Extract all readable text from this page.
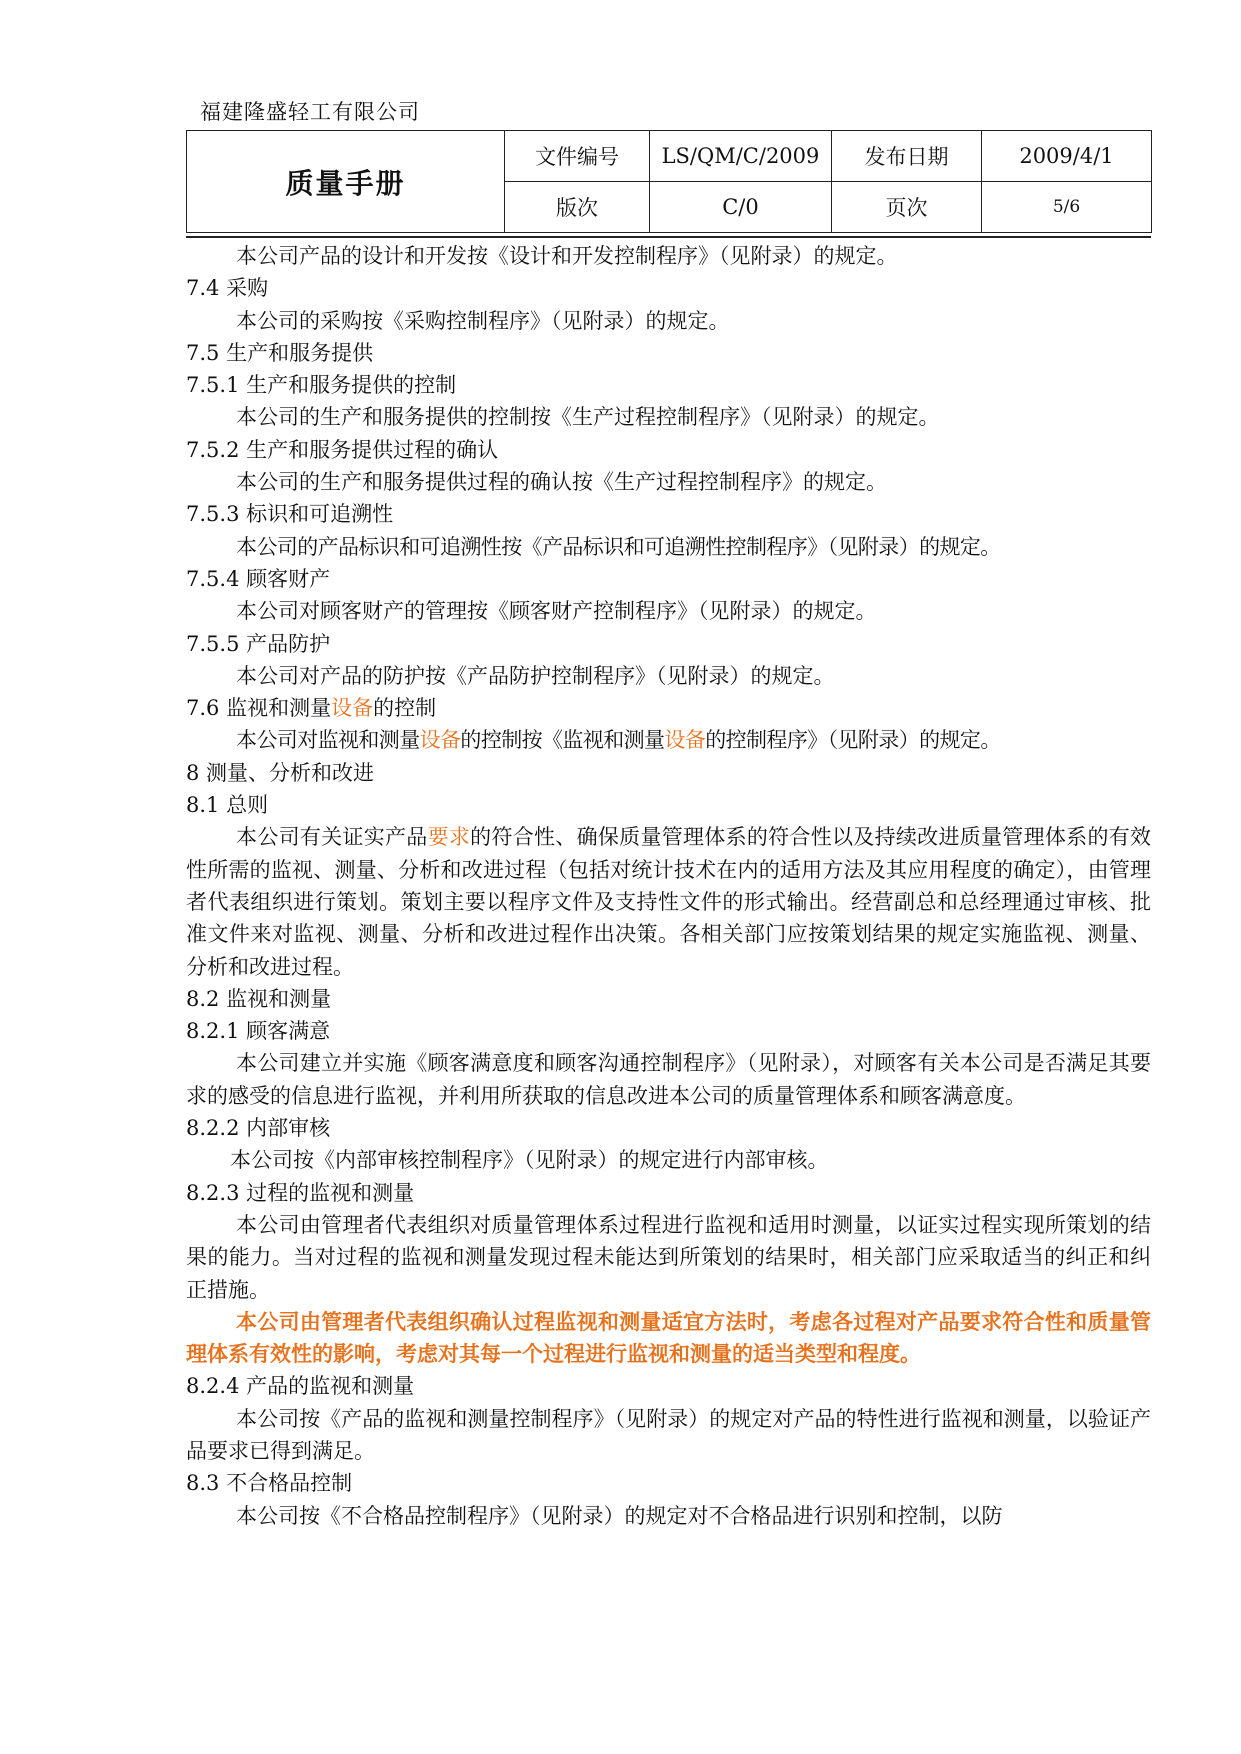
福建隆盛轻工有限公司
质量手册	文件编号	LS/QM/C/2009	发布日期	2009/4/1
	版次	C/0	页次	5/6

本公司产品的设计和开发按《设计和开发控制程序》（见附录）的规定。

7.4 采购

本公司的采购按《采购控制程序》（见附录）的规定。

7.5 生产和服务提供

7.5.1 生产和服务提供的控制

本公司的生产和服务提供的控制按《生产过程控制程序》（见附录）的规定。

7.5.2 生产和服务提供过程的确认

本公司的生产和服务提供过程的确认按《生产过程控制程序》的规定。

7.5.3 标识和可追溯性

本公司的产品标识和可追溯性按《产品标识和可追溯性控制程序》（见附录）的规定。

7.5.4 顾客财产

本公司对顾客财产的管理按《顾客财产控制程序》（见附录）的规定。

7.5.5 产品防护

本公司对产品的防护按《产品防护控制程序》（见附录）的规定。

7.6 监视和测量设备的控制

本公司对监视和测量设备的控制按《监视和测量设备的控制程序》（见附录）的规定。

8 测量、分析和改进

8.1 总则

本公司有关证实产品要求的符合性、确保质量管理体系的符合性以及持续改进质量管理体系的有效性所需的监视、测量、分析和改进过程（包括对统计技术在内的适用方法及其应用程度的确定），由管理者代表组织进行策划。策划主要以程序文件及支持性文件的形式输出。经营副总和总经理通过审核、批准文件来对监视、测量、分析和改进过程作出决策。各相关部门应按策划结果的规定实施监视、测量、分析和改进过程。

8.2 监视和测量

8.2.1 顾客满意

本公司建立并实施《顾客满意度和顾客沟通控制程序》（见附录），对顾客有关本公司是否满足其要求的感受的信息进行监视，并利用所获取的信息改进本公司的质量管理体系和顾客满意度。

8.2.2 内部审核

本公司按《内部审核控制程序》（见附录）的规定进行内部审核。

8.2.3 过程的监视和测量

本公司由管理者代表组织对质量管理体系过程进行监视和适用时测量，以证实过程实现所策划的结果的能力。当对过程的监视和测量发现过程未能达到所策划的结果时，相关部门应采取适当的纠正和纠正措施。

本公司由管理者代表组织确认过程监视和测量适宜方法时，考虑各过程对产品要求符合性和质量管理体系有效性的影响，考虑对其每一个过程进行监视和测量的适当类型和程度。

8.2.4 产品的监视和测量

本公司按《产品的监视和测量控制程序》（见附录）的规定对产品的特性进行监视和测量，以验证产品要求已得到满足。

8.3 不合格品控制

本公司按《不合格品控制程序》（见附录）的规定对不合格品进行识别和控制，以防
